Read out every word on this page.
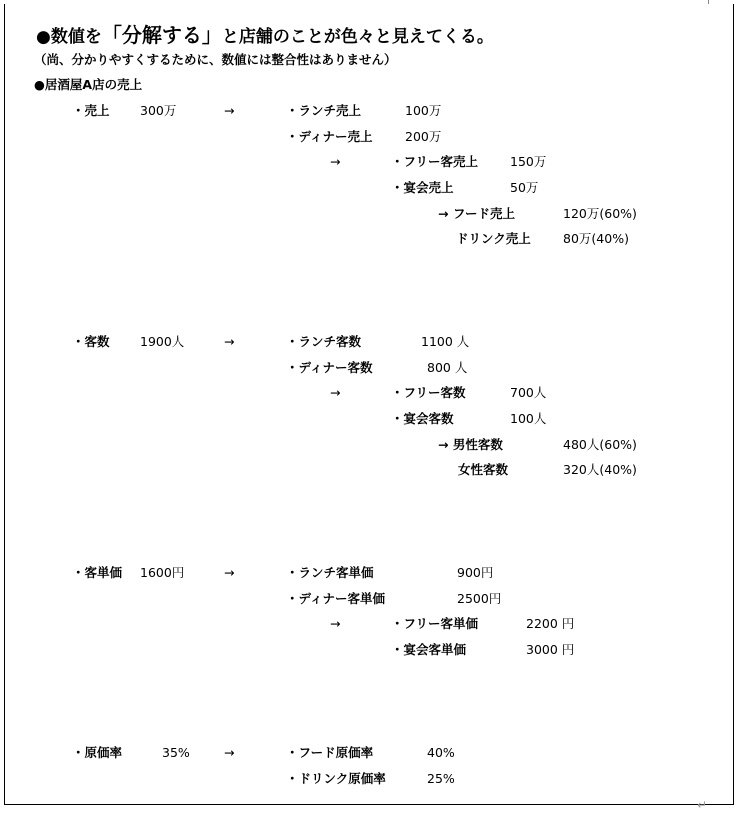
●数値を「分解する」と店舗のことが色々と見えてくる。
（尚、分かりやすくするために、数値には整合性はありません）
●居酒屋A店の売上
・売上 300万	→	・ランチ売上	100万
・ディナー売上	200万
→	・フリー客売上	150万
・宴会売上	50万
→ フード売上	120万(60%)
ドリンク売上	80万(40%)
・客数 1900人	→	・ランチ客数	1100 人
・ディナー客数	800 人
→	・フリー客数	700人
・宴会客数	100人
→ 男性客数	480人(60%)
女性客数	320人(40%)
・客単価 1600円	→	・ランチ客単価	900円
・ディナー客単価	2500円
→	・フリー客単価	2200 円
・宴会客単価	3000 円
・原価率	35%	→	・フード原価率	40%
・ドリンク原価率	25%
↵
